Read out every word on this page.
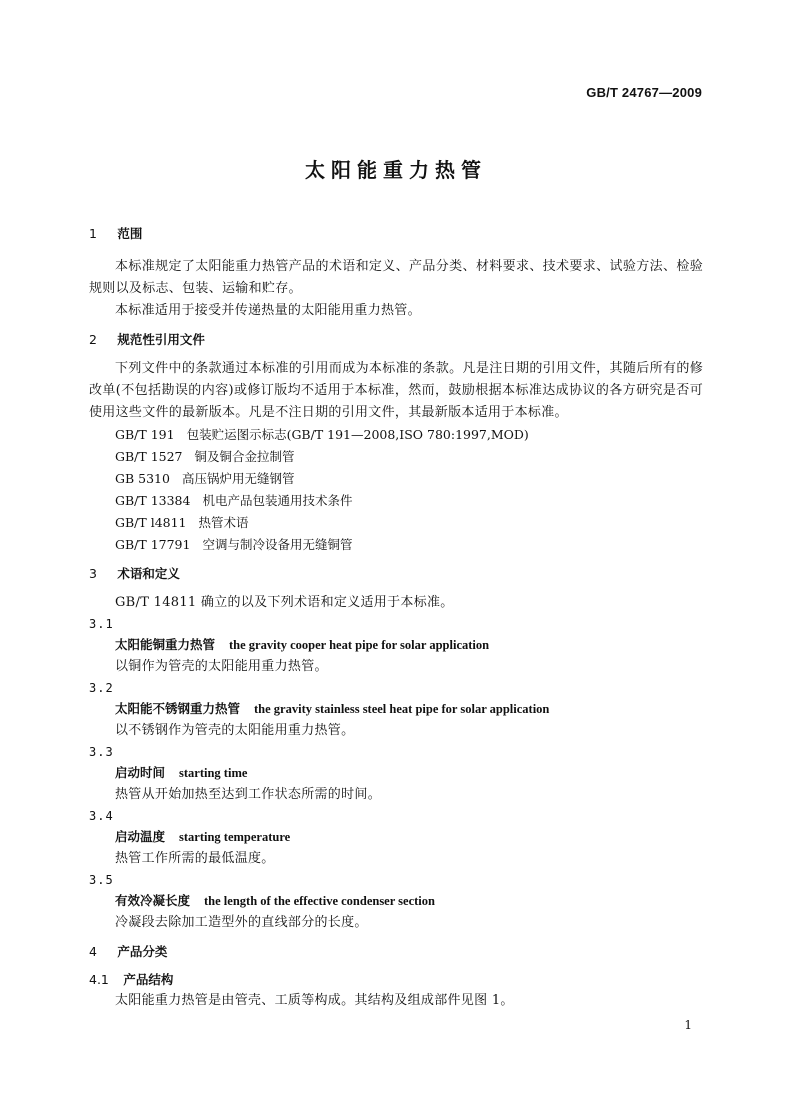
GB/T 24767—2009
太阳能重力热管

1 范围

本标准规定了太阳能重力热管产品的术语和定义、产品分类、材料要求、技术要求、试验方法、检验规则以及标志、包装、运输和贮存。

本标准适用于接受并传递热量的太阳能用重力热管。

2 规范性引用文件

下列文件中的条款通过本标准的引用而成为本标准的条款。凡是注日期的引用文件，其随后所有的修改单(不包括勘误的内容)或修订版均不适用于本标准，然而，鼓励根据本标准达成协议的各方研究是否可使用这些文件的最新版本。凡是不注日期的引用文件，其最新版本适用于本标准。

GB/T 191 包装贮运图示标志(GB/T 191—2008,ISO 780:1997,MOD)

GB/T 1527 铜及铜合金拉制管

GB 5310 高压锅炉用无缝钢管

GB/T 13384 机电产品包装通用技术条件

GB/T l4811 热管术语

GB/T 17791 空调与制冷设备用无缝铜管

3 术语和定义

GB/T 14811 确立的以及下列术语和定义适用于本标准。

3.1

太阳能铜重力热管 the gravity cooper heat pipe for solar application

以铜作为管壳的太阳能用重力热管。

3.2

太阳能不锈钢重力热管 the gravity stainless steel heat pipe for solar application

以不锈钢作为管壳的太阳能用重力热管。

3.3

启动时间 starting time

热管从开始加热至达到工作状态所需的时间。

3.4

启动温度 starting temperature

热管工作所需的最低温度。

3.5

有效冷凝长度 the length of the effective condenser section

冷凝段去除加工造型外的直线部分的长度。

4 产品分类

4.1 产品结构

太阳能重力热管是由管壳、工质等构成。其结构及组成部件见图 1。

1
